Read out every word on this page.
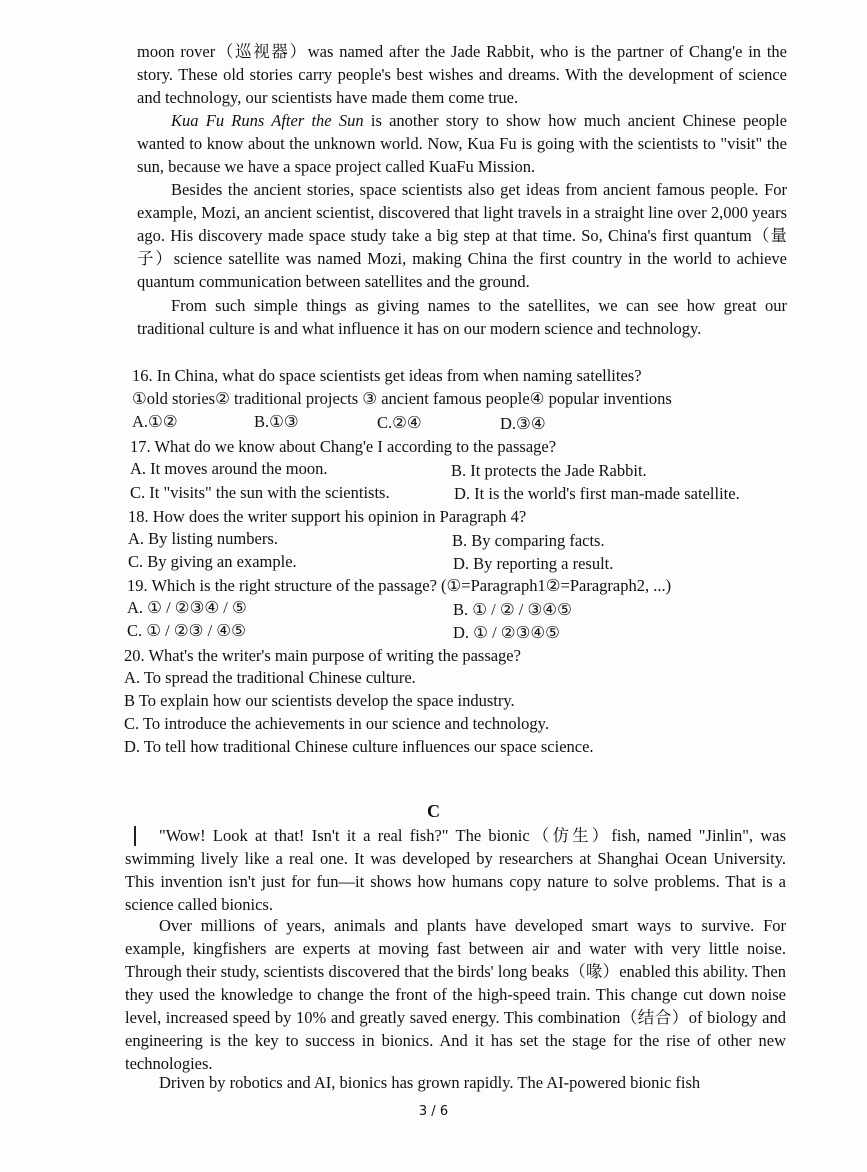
moon rover（巡视器）was named after the Jade Rabbit, who is the partner of Chang'e in the story. These old stories carry people's best wishes and dreams. With the development of science and technology, our scientists have made them come true.

Kua Fu Runs After the Sun is another story to show how much ancient Chinese people wanted to know about the unknown world. Now, Kua Fu is going with the scientists to "visit" the sun, because we have a space project called KuaFu Mission.

Besides the ancient stories, space scientists also get ideas from ancient famous people. For example, Mozi, an ancient scientist, discovered that light travels in a straight line over 2,000 years ago. His discovery made space study take a big step at that time. So, China's first quantum（量子）science satellite was named Mozi, making China the first country in the world to achieve quantum communication between satellites and the ground.

From such simple things as giving names to the satellites, we can see how great our traditional culture is and what influence it has on our modern science and technology.

16. In China, what do space scientists get ideas from when naming satellites?

①old stories② traditional projects ③ ancient famous people④ popular inventions

A.①②	B.①③	C.②④	D.③④

17. What do we know about Chang'e I according to the passage?

A. It moves around the moon.	B. It protects the Jade Rabbit.

C. It "visits" the sun with the scientists.	D. It is the world's first man-made satellite.

18. How does the writer support his opinion in Paragraph 4?

A. By listing numbers.	B. By comparing facts.

C. By giving an example.	D. By reporting a result.

19. Which is the right structure of the passage? (①=Paragraph1②=Paragraph2, ...)

A. ① / ②③④ / ⑤	B. ① / ② / ③④⑤

C. ① / ②③ / ④⑤	D. ① / ②③④⑤

20. What's the writer's main purpose of writing the passage?

A. To spread the traditional Chinese culture.

B To explain how our scientists develop the space industry.

C. To introduce the achievements in our science and technology.

D. To tell how traditional Chinese culture influences our space science.

C

"Wow! Look at that! Isn't it a real fish?" The bionic（仿生）fish, named "Jinlin", was swimming lively like a real one. It was developed by researchers at Shanghai Ocean University. This invention isn't just for fun—it shows how humans copy nature to solve problems. That is a science called bionics.

Over millions of years, animals and plants have developed smart ways to survive. For example, kingfishers are experts at moving fast between air and water with very little noise. Through their study, scientists discovered that the birds' long beaks（喙）enabled this ability. Then they used the knowledge to change the front of the high-speed train. This change cut down noise level, increased speed by 10% and greatly saved energy. This combination（结合）of biology and engineering is the key to success in bionics. And it has set the stage for the rise of other new technologies.

Driven by robotics and AI, bionics has grown rapidly. The AI-powered bionic fish

3 / 6
